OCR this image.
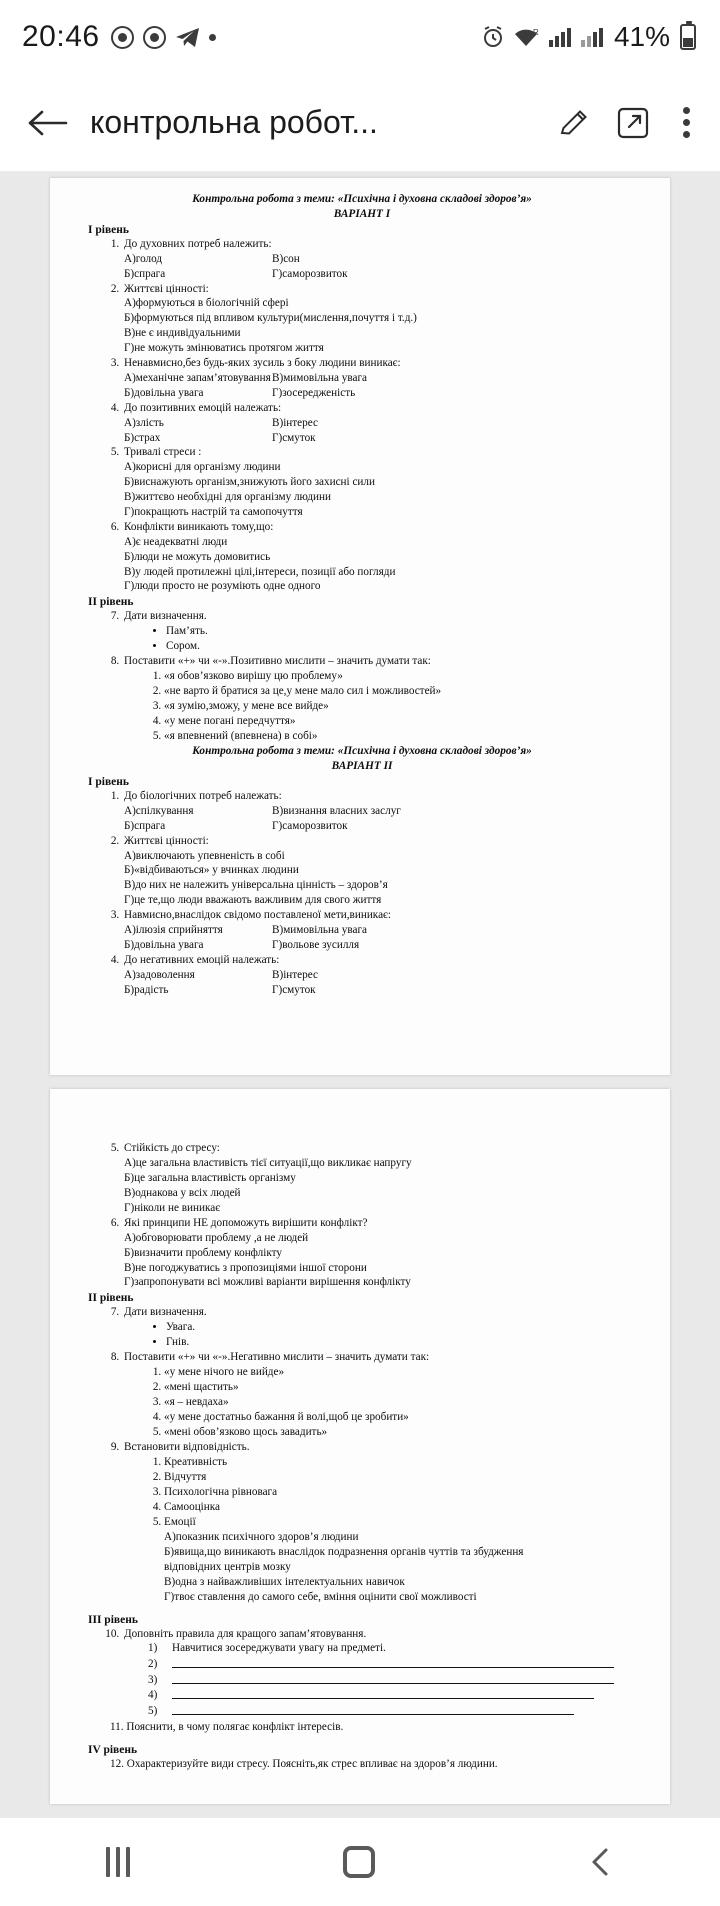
20:46	R	41%
контрольна робот...
Контрольна робота з теми: «Психічна і духовна складові здоров’я»
ВАРІАНТ I
I рівень
1. До духовних потреб належить:
А)голод	В)сон
Б)спрага	Г)саморозвиток
2. Життєві цінності:
А)формуються в біологічній сфері
Б)формуються під впливом культури(мислення,почуття і т.д.)
В)не є индивідуальними
Г)не можуть змінюватись протягом життя
3. Ненавмисно,без будь-яких зусиль з боку людини виникає:
А)механічне запам’ятовування В)мимовільна увага
Б)довільна увага	Г)зосередженість
4. До позитивних емоцій належать:
А)злість	В)інтерес
Б)страх	Г)смуток
5. Тривалі стреси :
А)корисні для організму людини
Б)виснажують організм,знижують його захисні сили
В)життєво необхідні для організму людини
Г)покращють настрій та самопочуття
6. Конфлікти виникають тому,що:
А)є неадекватні люди
Б)люди не можуть домовитись
В)у людей протилежні цілі,інтереси, позиції або погляди
Г)люди просто не розуміють одне одного
II рівень
7. Дати визначення.
• Пам’ять.
• Сором.
8. Поставити «+» чи «-».Позитивно мислити – значить думати так:
1. «я обов’язково вирішу цю проблему»
2. «не варто й братися за це,у мене мало сил і можливостей»
3. «я зумію,зможу, у мене все вийде»
4. «у мене погані передчуття»
5. «я впевнений (впевнена) в собі»
Контрольна робота з теми: «Психічна і духовна складові здоров’я»
ВАРІАНТ II
I рівень
1. До біологічних потреб належать:
А)спілкування	В)визнання власних заслуг
Б)спрага	Г)саморозвиток
2. Життєві цінності:
А)виключають упевненість в собі
Б)«відбиваються» у вчинках людини
В)до них не належить універсальна цінність – здоров’я
Г)це те,що люди вважають важливим для свого життя
3. Навмисно,внаслідок свідомо поставленої мети,виникає:
А)ілюзія сприйняття	В)мимовільна увага
Б)довільна увага	Г)вольове зусилля
4. До негативних емоцій належать:
А)задоволення	В)інтерес
Б)радість	Г)смуток
5. Стійкість до стресу:
А)це загальна властивість тієї ситуації,що викликає напругу
Б)це загальна властивість організму
В)однакова у всіх людей
Г)ніколи не виникає
6. Які принципи НЕ допоможуть вирішити конфлікт?
А)обговорювати проблему ,а не людей
Б)визначити проблему конфлікту
В)не погоджуватись з пропозиціями іншої сторони
Г)запропонувати всі можливі варіанти вирішення конфлікту
II рівень
7. Дати визначення.
• Увага.
• Гнів.
8. Поставити «+» чи «-».Негативно мислити – значить думати так:
1. «у мене нічого не вийде»
2. «мені щастить»
3. «я – невдаха»
4. «у мене достатньо бажання й волі,щоб це зробити»
5. «мені обов’язково щось завадить»
9. Встановити відповідність.
1. Креативність
2. Відчуття
3. Психологічна рівновага
4. Самооцінка
5. Емоції
А)показник психічного здоров’я людини
Б)явища,що виникають внаслідок подразнення органів чуттів та збудження
відповідних центрів мозку
В)одна з найважливіших інтелектуальних навичок
Г)твоє ставлення до самого себе, вміння оцінити свої можливості
III рівень
10. Доповніть правила для кращого запам’ятовування.
1)	Навчитися зосереджувати увагу на предметі.
2)
3)
4)
5)
11. Пояснити, в чому полягає конфлікт інтересів.
IV рівень
12. Охарактеризуйте види стресу. Поясніть,як стрес впливає на здоров’я людини.
